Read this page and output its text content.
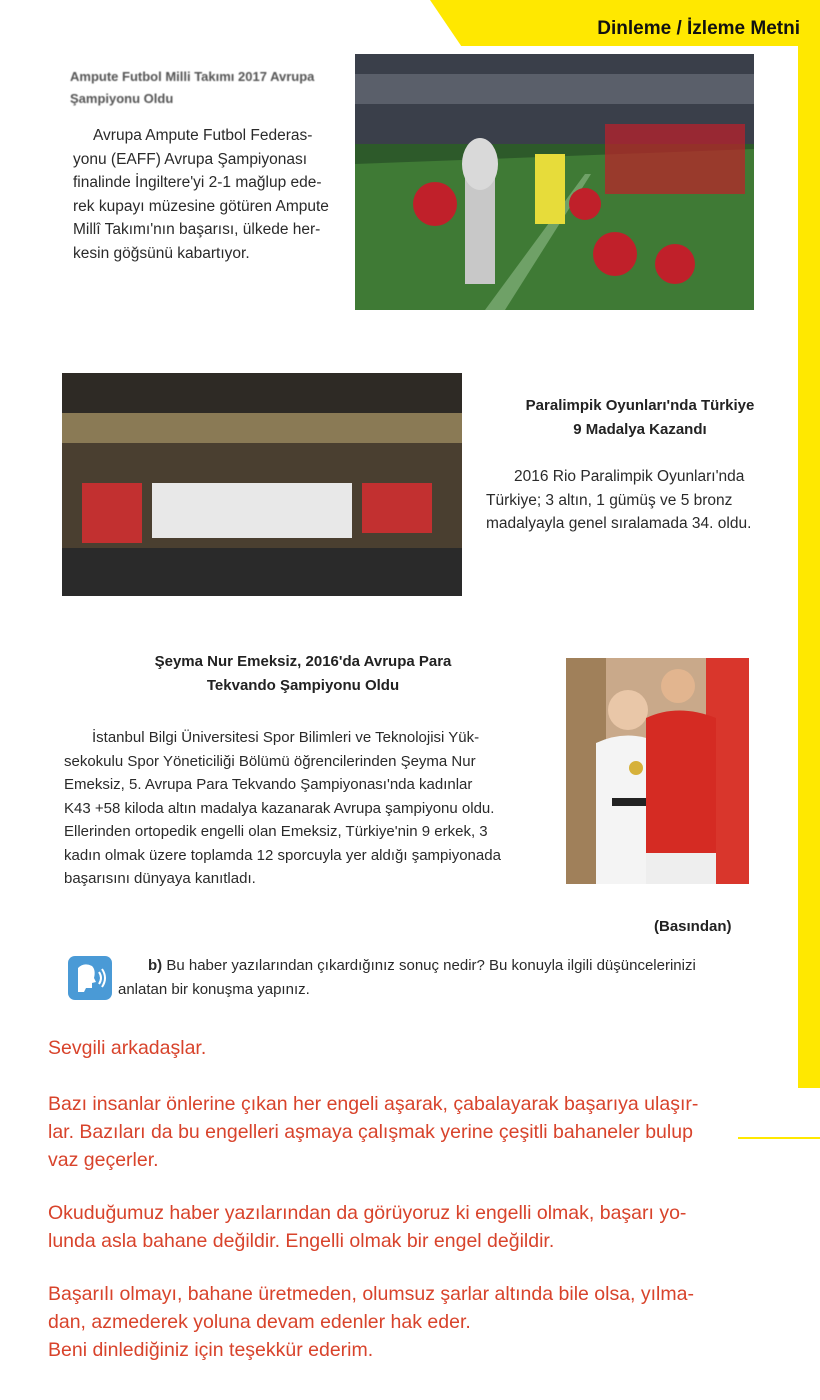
Dinleme / İzleme Metni
Ampute Futbol Milli Takımı 2017 Avrupa Şampiyonu Oldu
Avrupa Ampute Futbol Federas-
yonu (EAFF) Avrupa Şampiyonası
finalinde İngiltere'yi 2-1 mağlup ede-
rek kupayı müzesine götüren Ampute
Millî Takımı'nın başarısı, ülkede her-
kesin göğsünü kabartıyor.
Paralimpik Oyunları'nda Türkiye
9 Madalya Kazandı
2016 Rio Paralimpik Oyunları'nda
Türkiye; 3 altın, 1 gümüş ve 5 bronz
madalyayla genel sıralamada 34. oldu.
Şeyma Nur Emeksiz, 2016'da Avrupa Para
Tekvando Şampiyonu Oldu
İstanbul Bilgi Üniversitesi Spor Bilimleri ve Teknolojisi Yük-
sekokulu Spor Yöneticiliği Bölümü öğrencilerinden Şeyma Nur
Emeksiz, 5. Avrupa Para Tekvando Şampiyonası'nda kadınlar
K43 +58 kiloda altın madalya kazanarak Avrupa şampiyonu oldu.
Ellerinden ortopedik engelli olan Emeksiz, Türkiye'nin 9 erkek, 3
kadın olmak üzere toplamda 12 sporcuyla yer aldığı şampiyonada
başarısını dünyaya kanıtladı.
(Basından)
b) Bu haber yazılarından çıkardığınız sonuç nedir? Bu konuyla ilgili düşüncelerinizi
anlatan bir konuşma yapınız.
Sevgili arkadaşlar.
Bazı insanlar önlerine çıkan her engeli aşarak, çabalayarak başarıya ulaşır-
lar. Bazıları da bu engelleri aşmaya çalışmak yerine çeşitli bahaneler bulup
vaz geçerler.
Okuduğumuz haber yazılarından da görüyoruz ki engelli olmak, başarı yo-
lunda asla bahane değildir. Engelli olmak bir engel değildir.
Başarılı olmayı, bahane üretmeden, olumsuz şarlar altında bile olsa, yılma-
dan, azmederek yoluna devam edenler hak eder.
Beni dinlediğiniz için teşekkür ederim.
